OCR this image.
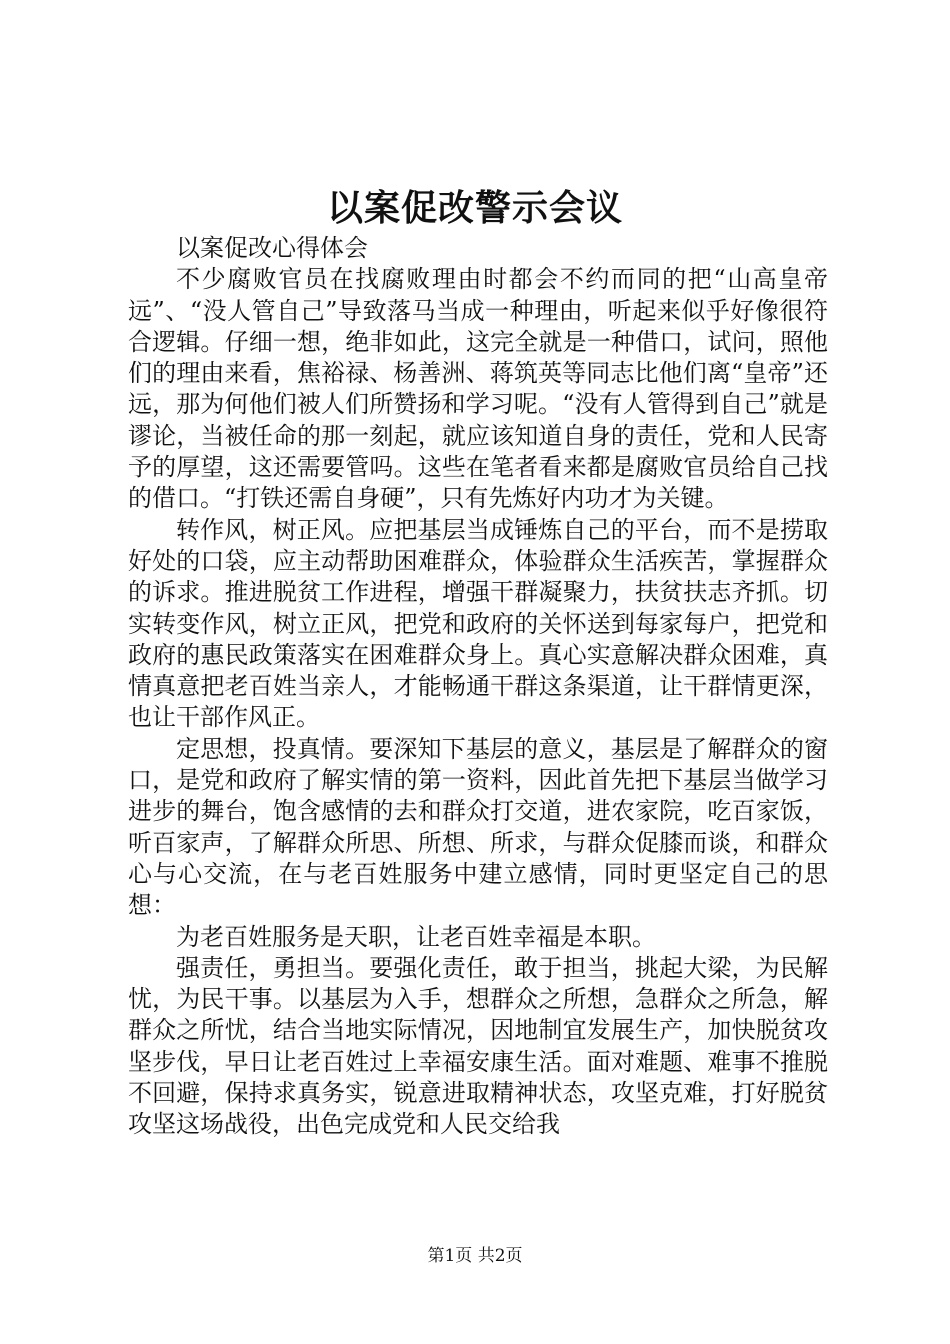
以案促改警示会议

以案促改心得体会

不少腐败官员在找腐败理由时都会不约而同的把“山高皇帝远”、“没人管自己”导致落马当成一种理由，听起来似乎好像很符合逻辑。仔细一想，绝非如此，这完全就是一种借口，试问，照他们的理由来看，焦裕禄、杨善洲、蒋筑英等同志比他们离“皇帝”还远，那为何他们被人们所赞扬和学习呢。“没有人管得到自己”就是谬论，当被任命的那一刻起，就应该知道自身的责任，党和人民寄予的厚望，这还需要管吗。这些在笔者看来都是腐败官员给自己找的借口。“打铁还需自身硬”，只有先炼好内功才为关键。

转作风，树正风。应把基层当成锤炼自己的平台，而不是捞取好处的口袋，应主动帮助困难群众，体验群众生活疾苦，掌握群众的诉求。推进脱贫工作进程，增强干群凝聚力，扶贫扶志齐抓。切实转变作风，树立正风，把党和政府的关怀送到每家每户，把党和政府的惠民政策落实在困难群众身上。真心实意解决群众困难，真情真意把老百姓当亲人，才能畅通干群这条渠道，让干群情更深，也让干部作风正。

定思想，投真情。要深知下基层的意义，基层是了解群众的窗口，是党和政府了解实情的第一资料，因此首先把下基层当做学习进步的舞台，饱含感情的去和群众打交道，进农家院，吃百家饭，听百家声，了解群众所思、所想、所求，与群众促膝而谈，和群众心与心交流，在与老百姓服务中建立感情，同时更坚定自己的思想：

为老百姓服务是天职，让老百姓幸福是本职。

强责任，勇担当。要强化责任，敢于担当，挑起大梁，为民解忧，为民干事。以基层为入手，想群众之所想，急群众之所急，解群众之所忧，结合当地实际情况，因地制宜发展生产，加快脱贫攻坚步伐，早日让老百姓过上幸福安康生活。面对难题、难事不推脱不回避，保持求真务实，锐意进取精神状态，攻坚克难，打好脱贫攻坚这场战役，出色完成党和人民交给我

第1页 共2页
